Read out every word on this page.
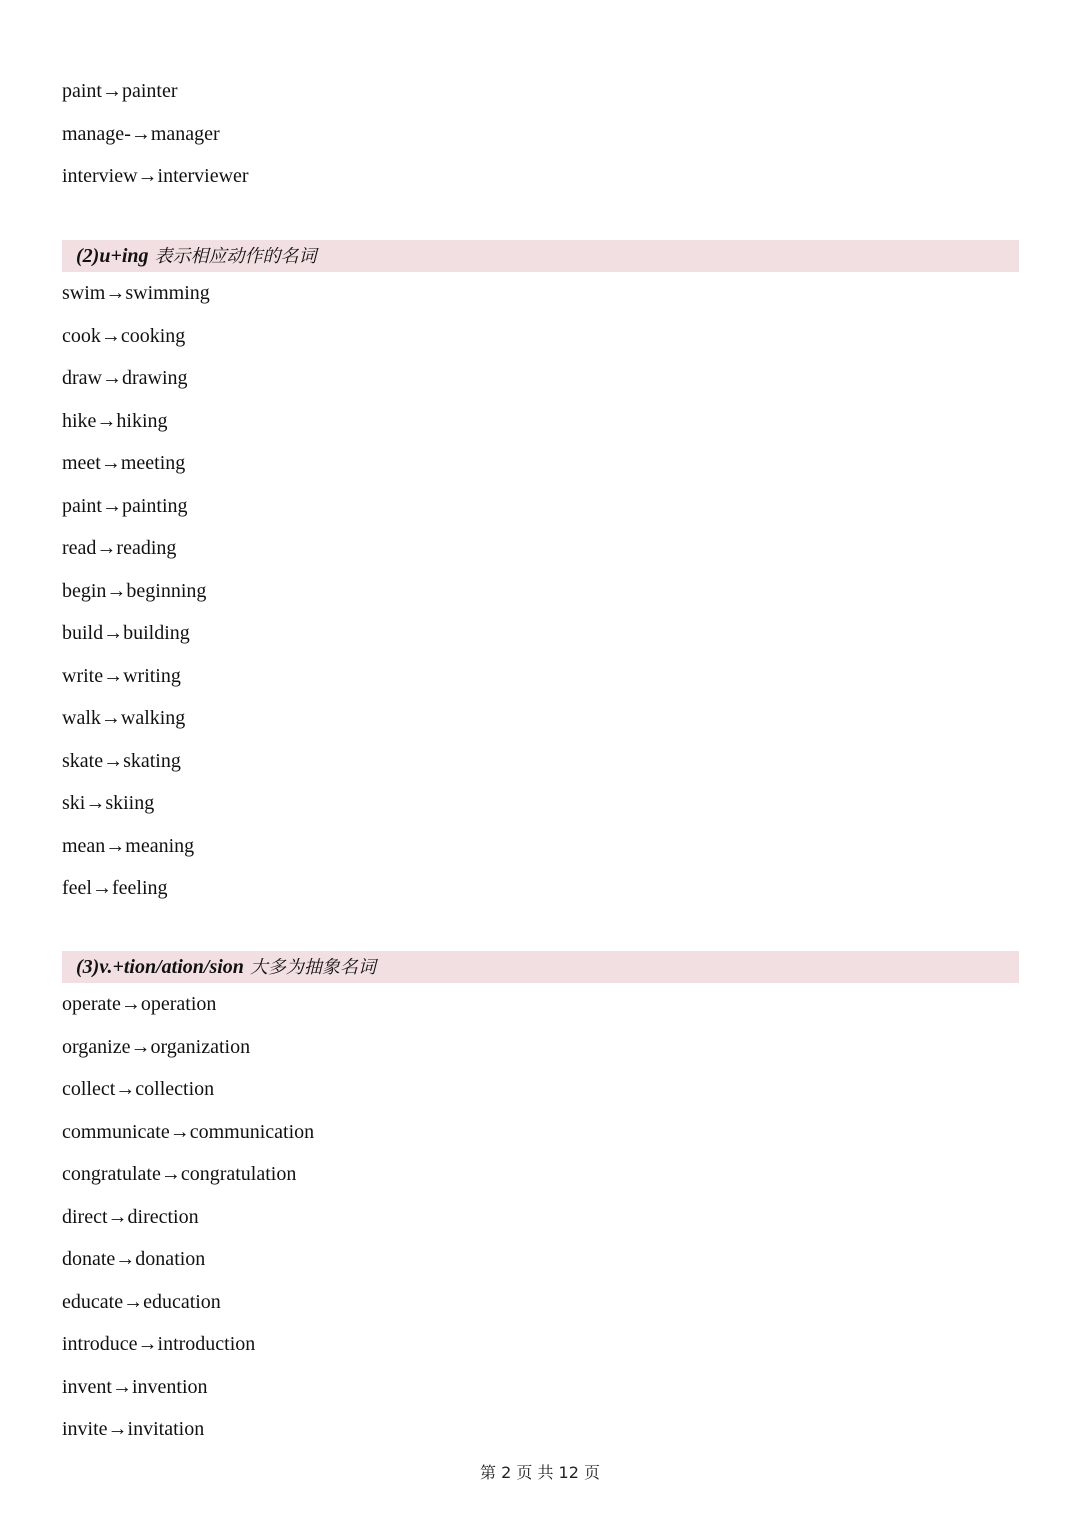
paint→painter
manage-→manager
interview→interviewer
(2)u+ing 表示相应动作的名词
swim→swimming
cook→cooking
draw→drawing
hike→hiking
meet→meeting
paint→painting
read→reading
begin→beginning
build→building
write→writing
walk→walking
skate→skating
ski→skiing
mean→meaning
feel→feeling
(3)v.+tion/ation/sion 大多为抽象名词
operate→operation
organize→organization
collect→collection
communicate→communication
congratulate→congratulation
direct→direction
donate→donation
educate→education
introduce→introduction
invent→invention
invite→invitation
第 2 页 共 12 页
